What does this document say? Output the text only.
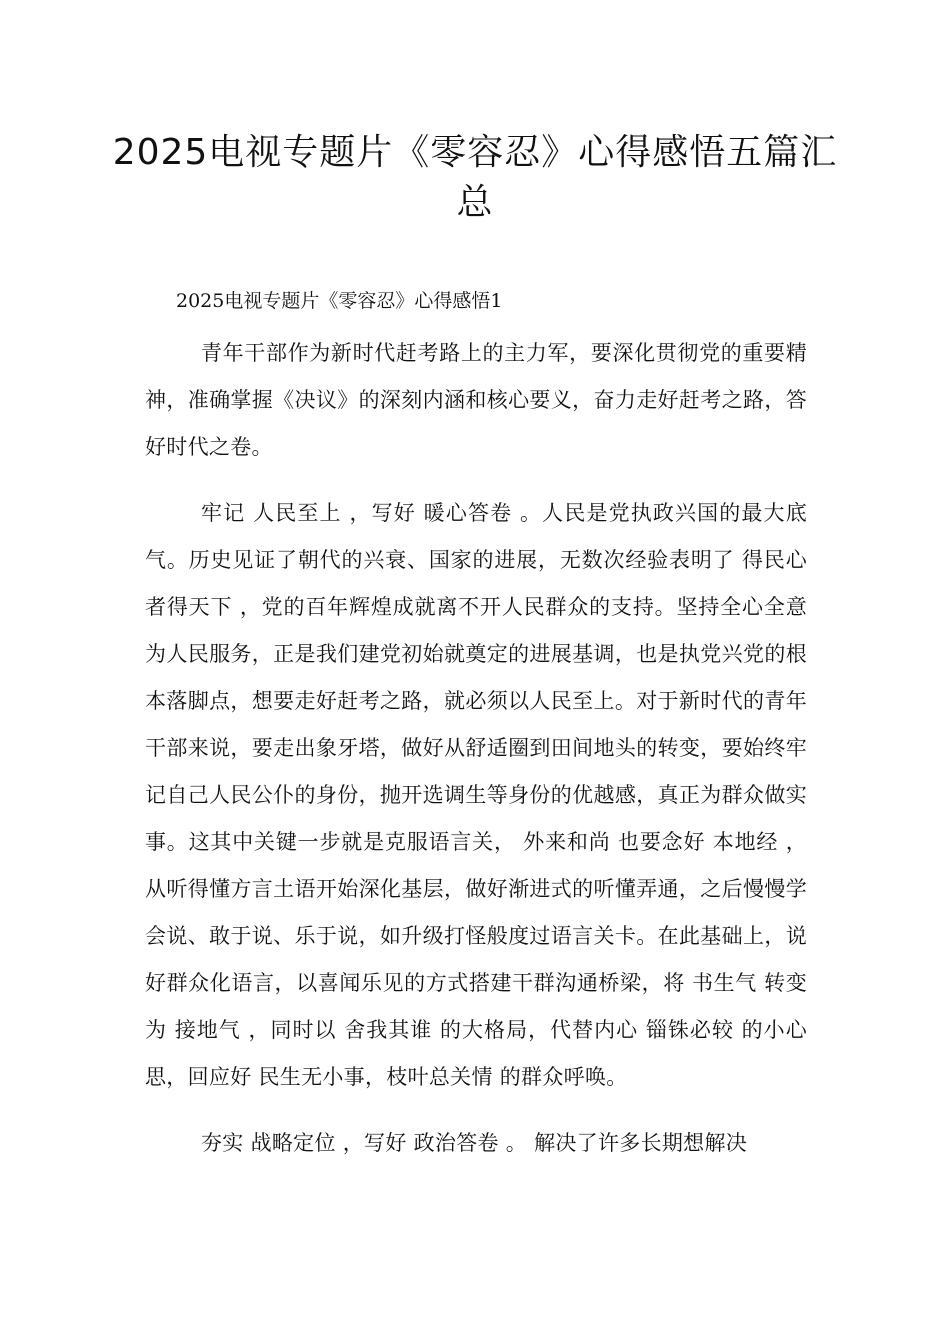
2025电视专题片《零容忍》心得感悟五篇汇总

2025电视专题片《零容忍》心得感悟1

青年干部作为新时代赶考路上的主力军，要深化贯彻党的重要精神，准确掌握《决议》的深刻内涵和核心要义，奋力走好赶考之路，答好时代之卷。

牢记 人民至上 ，写好 暖心答卷 。人民是党执政兴国的最大底气。历史见证了朝代的兴衰、国家的进展，无数次经验表明了 得民心者得天下 ，党的百年辉煌成就离不开人民群众的支持。坚持全心全意为人民服务，正是我们建党初始就奠定的进展基调，也是执党兴党的根本落脚点，想要走好赶考之路，就必须以人民至上。对于新时代的青年干部来说，要走出象牙塔，做好从舒适圈到田间地头的转变，要始终牢记自己人民公仆的身份，抛开选调生等身份的优越感，真正为群众做实事。这其中关键一步就是克服语言关， 外来和尚 也要念好 本地经 ，从听得懂方言土语开始深化基层，做好渐进式的听懂弄通，之后慢慢学会说、敢于说、乐于说，如升级打怪般度过语言关卡。在此基础上，说好群众化语言，以喜闻乐见的方式搭建干群沟通桥梁，将 书生气 转变为 接地气 ，同时以 舍我其谁 的大格局，代替内心 锱铢必较 的小心思，回应好 民生无小事，枝叶总关情 的群众呼唤。

夯实 战略定位 ，写好 政治答卷 。 解决了许多长期想解决
